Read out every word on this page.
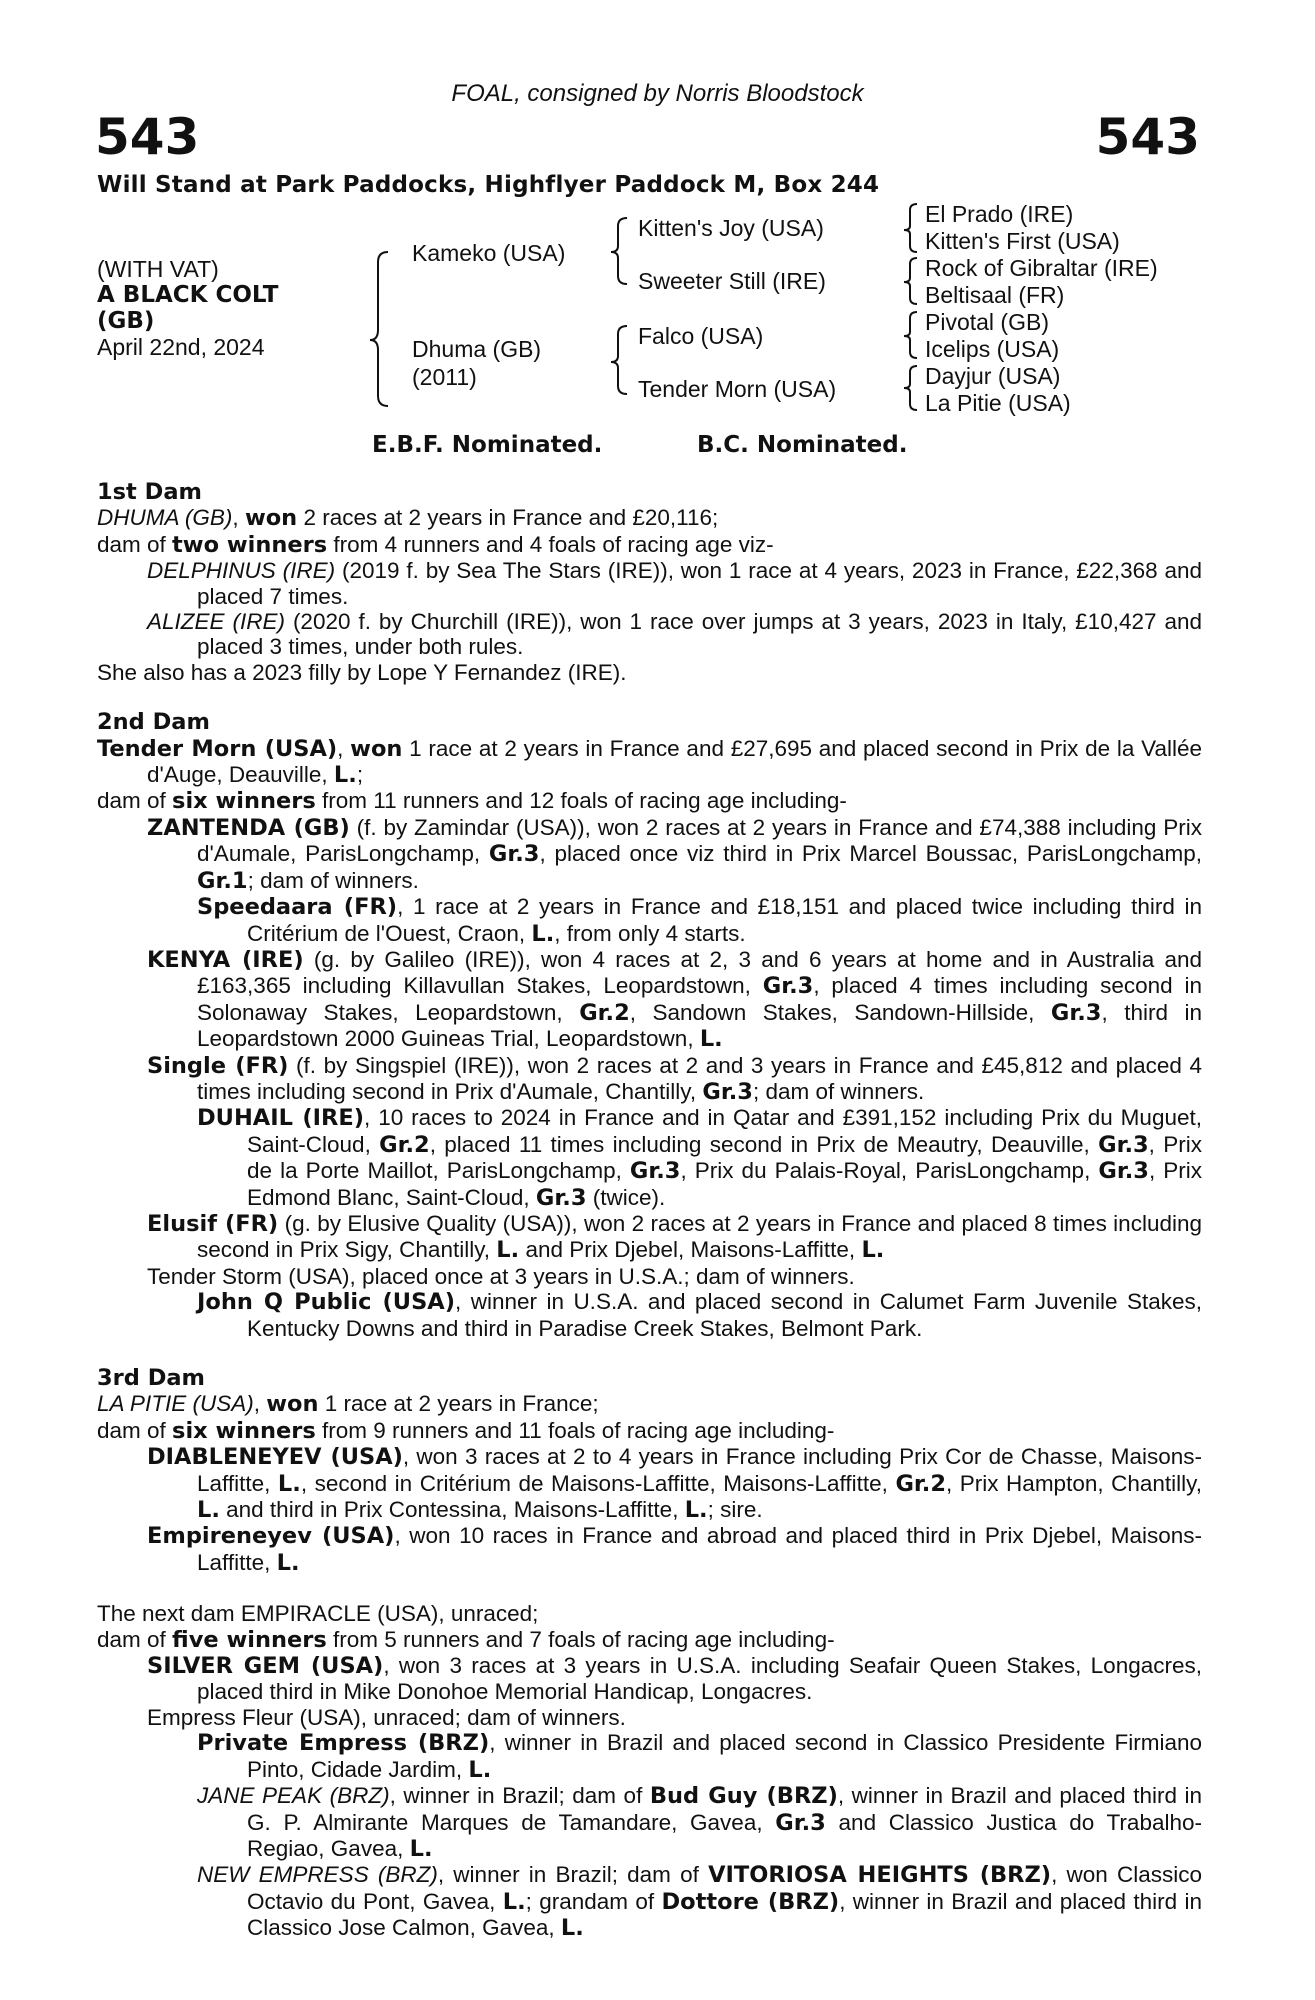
FOAL, consigned by Norris Bloodstock
543	543
Will Stand at Park Paddocks, Highflyer Paddock M, Box 244
(WITH VAT)
A BLACK COLT
(GB)
April 22nd, 2024
Kameko (USA)
Dhuma (GB)
(2011)
Kitten's Joy (USA)
Sweeter Still (IRE)
Falco (USA)
Tender Morn (USA)
El Prado (IRE)
Kitten's First (USA)
Rock of Gibraltar (IRE)
Beltisaal (FR)
Pivotal (GB)
Icelips (USA)
Dayjur (USA)
La Pitie (USA)
E.B.F. Nominated.	B.C. Nominated.

1st Dam

DHUMA (GB), won 2 races at 2 years in France and £20,116;

dam of two winners from 4 runners and 4 foals of racing age viz-

DELPHINUS (IRE) (2019 f. by Sea The Stars (IRE)), won 1 race at 4 years, 2023 in France, £22,368 and placed 7 times.

ALIZEE (IRE) (2020 f. by Churchill (IRE)), won 1 race over jumps at 3 years, 2023 in Italy, £10,427 and placed 3 times, under both rules.

She also has a 2023 filly by Lope Y Fernandez (IRE).

2nd Dam

Tender Morn (USA), won 1 race at 2 years in France and £27,695 and placed second in Prix de la Vallée d'Auge, Deauville, L.;

dam of six winners from 11 runners and 12 foals of racing age including-

ZANTENDA (GB) (f. by Zamindar (USA)), won 2 races at 2 years in France and £74,388 including Prix d'Aumale, ParisLongchamp, Gr.3, placed once viz third in Prix Marcel Boussac, ParisLongchamp, Gr.1; dam of winners.

Speedaara (FR), 1 race at 2 years in France and £18,151 and placed twice including third in Critérium de l'Ouest, Craon, L., from only 4 starts.

KENYA (IRE) (g. by Galileo (IRE)), won 4 races at 2, 3 and 6 years at home and in Australia and £163,365 including Killavullan Stakes, Leopardstown, Gr.3, placed 4 times including second in Solonaway Stakes, Leopardstown, Gr.2, Sandown Stakes, Sandown-Hillside, Gr.3, third in Leopardstown 2000 Guineas Trial, Leopardstown, L.

Single (FR) (f. by Singspiel (IRE)), won 2 races at 2 and 3 years in France and £45,812 and placed 4 times including second in Prix d'Aumale, Chantilly, Gr.3; dam of winners.

DUHAIL (IRE), 10 races to 2024 in France and in Qatar and £391,152 including Prix du Muguet, Saint-Cloud, Gr.2, placed 11 times including second in Prix de Meautry, Deauville, Gr.3, Prix de la Porte Maillot, ParisLongchamp, Gr.3, Prix du Palais-Royal, ParisLongchamp, Gr.3, Prix Edmond Blanc, Saint-Cloud, Gr.3 (twice).

Elusif (FR) (g. by Elusive Quality (USA)), won 2 races at 2 years in France and placed 8 times including second in Prix Sigy, Chantilly, L. and Prix Djebel, Maisons-Laffitte, L.

Tender Storm (USA), placed once at 3 years in U.S.A.; dam of winners.

John Q Public (USA), winner in U.S.A. and placed second in Calumet Farm Juvenile Stakes, Kentucky Downs and third in Paradise Creek Stakes, Belmont Park.

3rd Dam

LA PITIE (USA), won 1 race at 2 years in France;

dam of six winners from 9 runners and 11 foals of racing age including-

DIABLENEYEV (USA), won 3 races at 2 to 4 years in France including Prix Cor de Chasse, Maisons-Laffitte, L., second in Critérium de Maisons-Laffitte, Maisons-Laffitte, Gr.2, Prix Hampton, Chantilly, L. and third in Prix Contessina, Maisons-Laffitte, L.; sire.

Empireneyev (USA), won 10 races in France and abroad and placed third in Prix Djebel, Maisons-Laffitte, L.

The next dam EMPIRACLE (USA), unraced;

dam of five winners from 5 runners and 7 foals of racing age including-

SILVER GEM (USA), won 3 races at 3 years in U.S.A. including Seafair Queen Stakes, Longacres, placed third in Mike Donohoe Memorial Handicap, Longacres.

Empress Fleur (USA), unraced; dam of winners.

Private Empress (BRZ), winner in Brazil and placed second in Classico Presidente Firmiano Pinto, Cidade Jardim, L.

JANE PEAK (BRZ), winner in Brazil; dam of Bud Guy (BRZ), winner in Brazil and placed third in G. P. Almirante Marques de Tamandare, Gavea, Gr.3 and Classico Justica do Trabalho-Regiao, Gavea, L.

NEW EMPRESS (BRZ), winner in Brazil; dam of VITORIOSA HEIGHTS (BRZ), won Classico Octavio du Pont, Gavea, L.; grandam of Dottore (BRZ), winner in Brazil and placed third in Classico Jose Calmon, Gavea, L.
